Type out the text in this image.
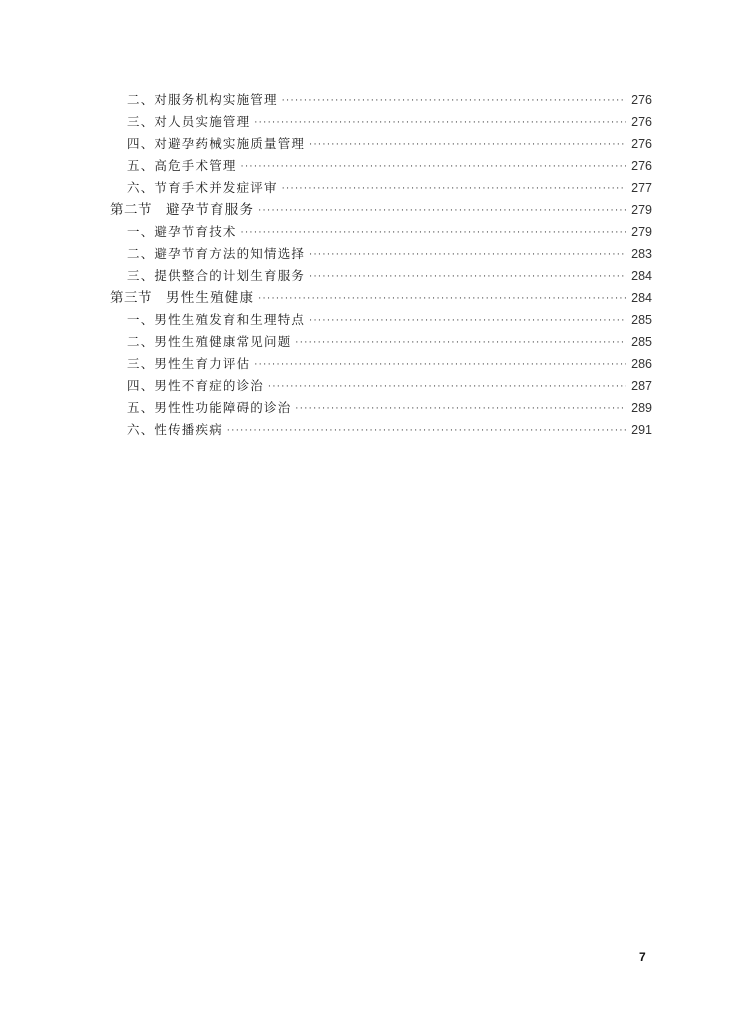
二、对服务机构实施管理 ·····	276
三、对人员实施管理 ·····	276
四、对避孕药械实施质量管理 ·····	276
五、高危手术管理 ·····	276
六、节育手术并发症评审 ·····	277
第二节 避孕节育服务 ·····	279
一、避孕节育技术 ·····	279
二、避孕节育方法的知情选择 ·····	283
三、提供整合的计划生育服务 ·····	284
第三节 男性生殖健康 ·····	284
一、男性生殖发育和生理特点 ·····	285
二、男性生殖健康常见问题 ·····	285
三、男性生育力评估 ·····	286
四、男性不育症的诊治 ·····	287
五、男性性功能障碍的诊治 ·····	289
六、性传播疾病 ·····	291
7
